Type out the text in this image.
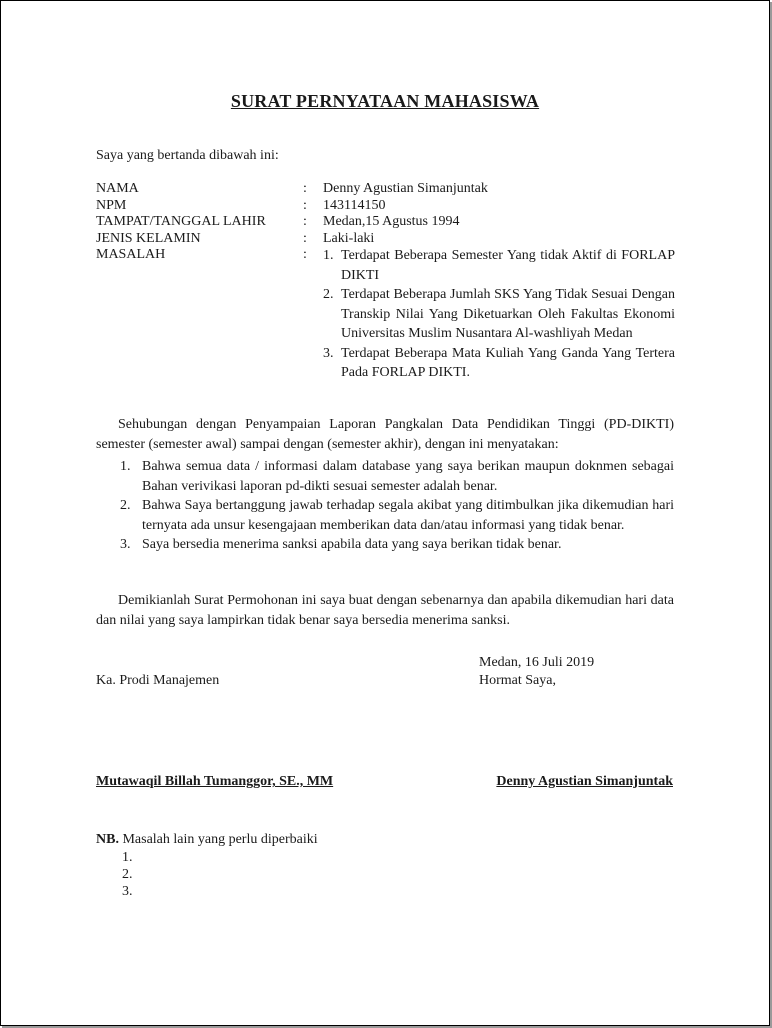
SURAT PERNYATAAN MAHASISWA
Saya yang bertanda dibawah ini:
NAMA	: Denny Agustian Simanjuntak
NPM	: 143114150
TAMPAT/TANGGAL LAHIR	: Medan,15 Agustus 1994
JENIS KELAMIN	: Laki-laki
MASALAH	: 1. Terdapat Beberapa Semester Yang tidak Aktif di FORLAP DIKTI
2. Terdapat Beberapa Jumlah SKS Yang Tidak Sesuai Dengan Transkip Nilai Yang Diketuarkan Oleh Fakultas Ekonomi Universitas Muslim Nusantara Al-washliyah Medan
3. Terdapat Beberapa Mata Kuliah Yang Ganda Yang Tertera Pada FORLAP DIKTI.
Sehubungan dengan Penyampaian Laporan Pangkalan Data Pendidikan Tinggi (PD-DIKTI) semester (semester awal) sampai dengan (semester akhir), dengan ini menyatakan:
1. Bahwa semua data / informasi dalam database yang saya berikan maupun doknmen sebagai Bahan verivikasi laporan pd-dikti sesuai semester adalah benar.
2. Bahwa Saya bertanggung jawab terhadap segala akibat yang ditimbulkan jika dikemudian hari ternyata ada unsur kesengajaan memberikan data dan/atau informasi yang tidak benar.
3. Saya bersedia menerima sanksi apabila data yang saya berikan tidak benar.
Demikianlah Surat Permohonan ini saya buat dengan sebenarnya dan apabila dikemudian hari data dan nilai yang saya lampirkan tidak benar saya bersedia menerima sanksi.
Medan, 16 Juli 2019
Ka. Prodi Manajemen	Hormat Saya,
Mutawaqil Billah Tumanggor, SE., MM	Denny Agustian Simanjuntak
NB. Masalah lain yang perlu diperbaiki
1.
2.
3.
